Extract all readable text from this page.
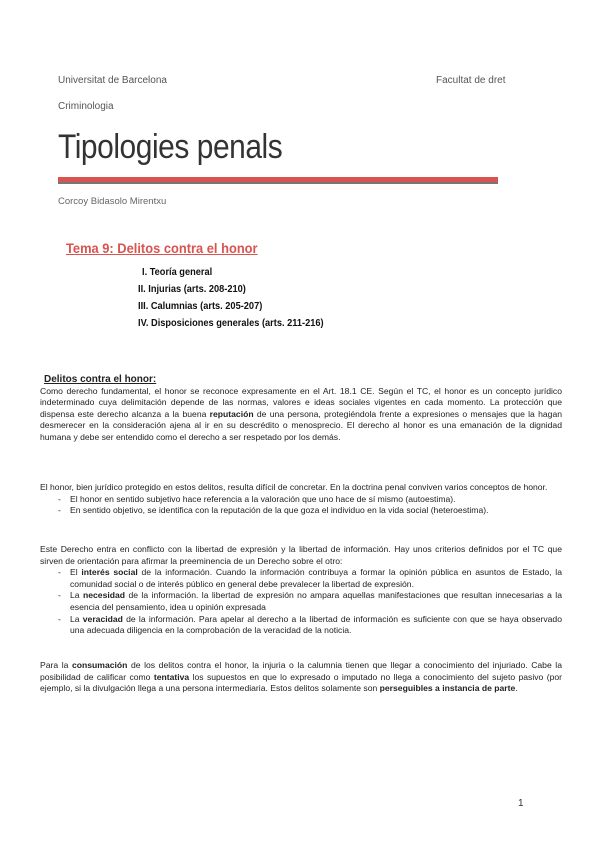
Universitat de Barcelona	Facultat de dret
Criminologia
Tipologies penals
Corcoy Bidasolo Mirentxu
Tema 9: Delitos contra el honor
I. Teoría general
II. Injurias (arts. 208-210)
III. Calumnias (arts. 205-207)
IV. Disposiciones generales (arts. 211-216)
Delitos contra el honor:

Como derecho fundamental, el honor se reconoce expresamente en el Art. 18.1 CE. Según el TC, el honor es un concepto jurídico indeterminado cuya delimitación depende de las normas, valores e ideas sociales vigentes en cada momento. La protección que dispensa este derecho alcanza a la buena reputación de una persona, protegiéndola frente a expresiones o mensajes que la hagan desmerecer en la consideración ajena al ir en su descrédito o menosprecio. El derecho al honor es una emanación de la dignidad humana y debe ser entendido como el derecho a ser respetado por los demás.

El honor, bien jurídico protegido en estos delitos, resulta difícil de concretar. En la doctrina penal conviven varios conceptos de honor.

- El honor en sentido subjetivo hace referencia a la valoración que uno hace de sí mismo (autoestima).
- En sentido objetivo, se identifica con la reputación de la que goza el individuo en la vida social (heteroestima).

Este Derecho entra en conflicto con la libertad de expresión y la libertad de información. Hay unos criterios definidos por el TC que sirven de orientación para afirmar la preeminencia de un Derecho sobre el otro:

- El interés social de la información. Cuando la información contribuya a formar la opinión pública en asuntos de Estado, la comunidad social o de interés público en general debe prevalecer la libertad de expresión.
- La necesidad de la información. la libertad de expresión no ampara aquellas manifestaciones que resultan innecesarias a la esencia del pensamiento, idea u opinión expresada
- La veracidad de la información. Para apelar al derecho a la libertad de información es suficiente con que se haya observado una adecuada diligencia en la comprobación de la veracidad de la noticia.

Para la consumación de los delitos contra el honor, la injuria o la calumnia tienen que llegar a conocimiento del injuriado. Cabe la posibilidad de calificar como tentativa los supuestos en que lo expresado o imputado no llega a conocimiento del sujeto pasivo (por ejemplo, si la divulgación llega a una persona intermediaria. Estos delitos solamente son perseguibles a instancia de parte.

1
